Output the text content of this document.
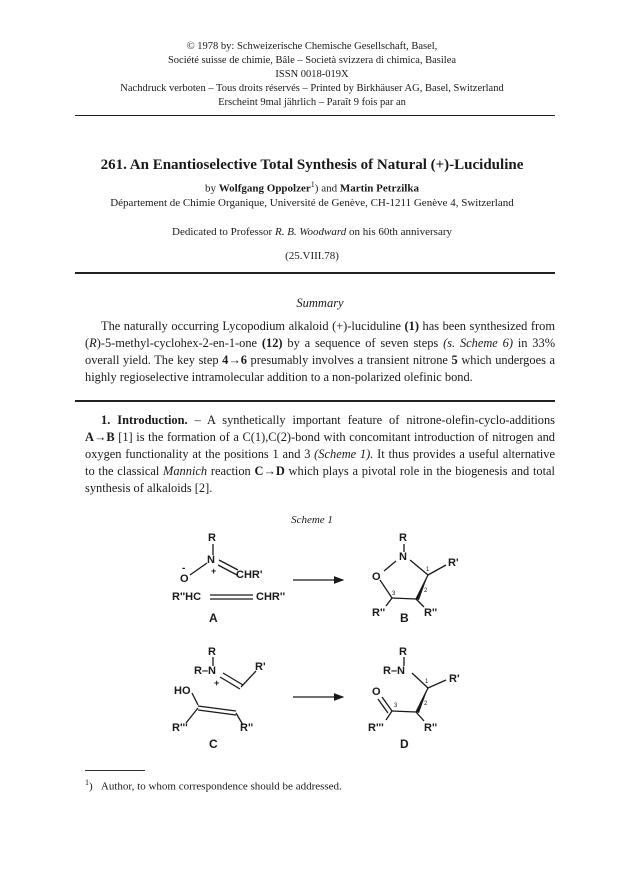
© 1978 by: Schweizerische Chemische Gesellschaft, Basel,
Société suisse de chimie, Bâle – Società svizzera di chimica, Basilea
ISSN 0018-019X
Nachdruck verboten – Tous droits réservés – Printed by Birkhäuser AG, Basel, Switzerland
Erscheint 9mal jährlich – Paraît 9 fois par an
261. An Enantioselective Total Synthesis of Natural (+)-Luciduline
by Wolfgang Oppolzer$^1$) and Martin Petrzilka
Département de Chimie Organique, Université de Genève, CH-1211 Genève 4, Switzerland
Dedicated to Professor R. B. Woodward on his 60th anniversary
(25.VIII.78)
Summary
The naturally occurring Lycopodium alkaloid (+)-luciduline (1) has been synthesized from (R)-5-methyl-cyclohex-2-en-1-one (12) by a sequence of seven steps (s. Scheme 6) in 33% overall yield. The key step 4→6 presumably involves a transient nitrone 5 which undergoes a highly regioselective intramolecular addition to a non-polarized olefinic bond.
1. Introduction. – A synthetically important feature of nitrone-olefin-cyclo-additions A→B [1] is the formation of a C(1),C(2)-bond with concomitant introduction of nitrogen and oxygen functionality at the positions 1 and 3 (Scheme 1). It thus provides a useful alternative to the classical Mannich reaction C→D which plays a pivotal role in the biogenesis and total synthesis of alkaloids [2].
Scheme 1
R
N
+
O
-
CHR'
R''HC	CHR''
A
R
N
O
R'
1
2
3
R''	R''
B
R
R–N
+
R'
HO
R'''	R''
C
R
R–N
R'
1
2
3
O
R'''	R''
D
$^1$)   Author, to whom correspondence should be addressed.
